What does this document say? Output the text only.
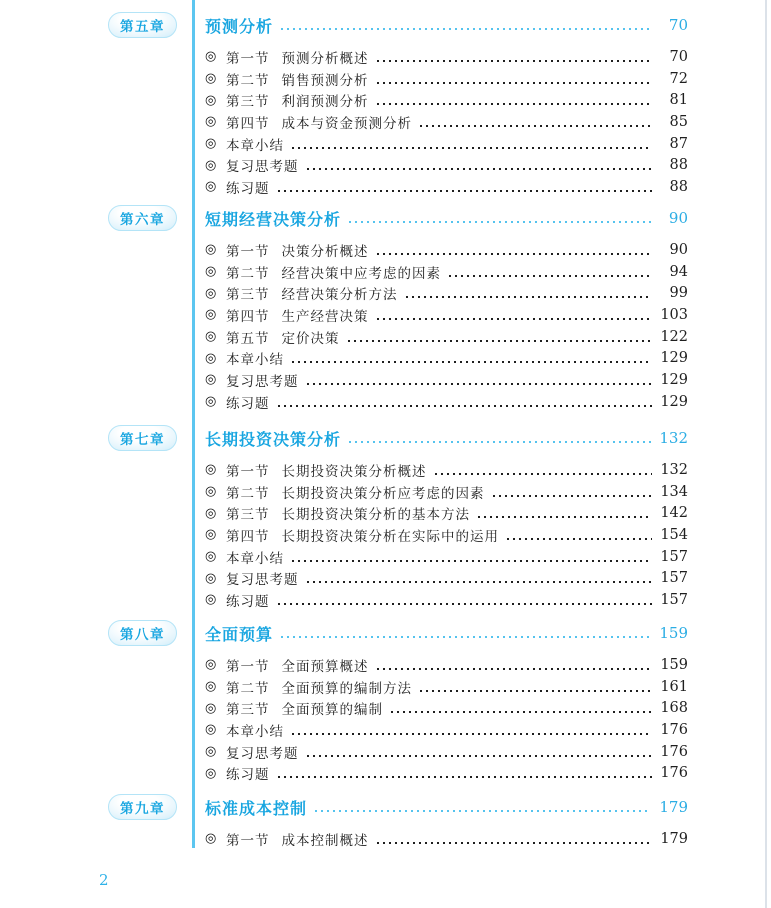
2
第五章	预测分析	70
◎ 第一节 预测分析概述	70
◎ 第二节 销售预测分析	72
◎ 第三节 利润预测分析	81
◎ 第四节 成本与资金预测分析	85
◎ 本章小结	87
◎ 复习思考题	88
◎ 练习题	88
第六章	短期经营决策分析	90
◎ 第一节 决策分析概述	90
◎ 第二节 经营决策中应考虑的因素	94
◎ 第三节 经营决策分析方法	99
◎ 第四节 生产经营决策	103
◎ 第五节 定价决策	122
◎ 本章小结	129
◎ 复习思考题	129
◎ 练习题	129
第七章	长期投资决策分析	132
◎ 第一节 长期投资决策分析概述	132
◎ 第二节 长期投资决策分析应考虑的因素	134
◎ 第三节 长期投资决策分析的基本方法	142
◎ 第四节 长期投资决策分析在实际中的运用	154
◎ 本章小结	157
◎ 复习思考题	157
◎ 练习题	157
第八章	全面预算	159
◎ 第一节 全面预算概述	159
◎ 第二节 全面预算的编制方法	161
◎ 第三节 全面预算的编制	168
◎ 本章小结	176
◎ 复习思考题	176
◎ 练习题	176
第九章	标准成本控制	179
◎ 第一节 成本控制概述	179
